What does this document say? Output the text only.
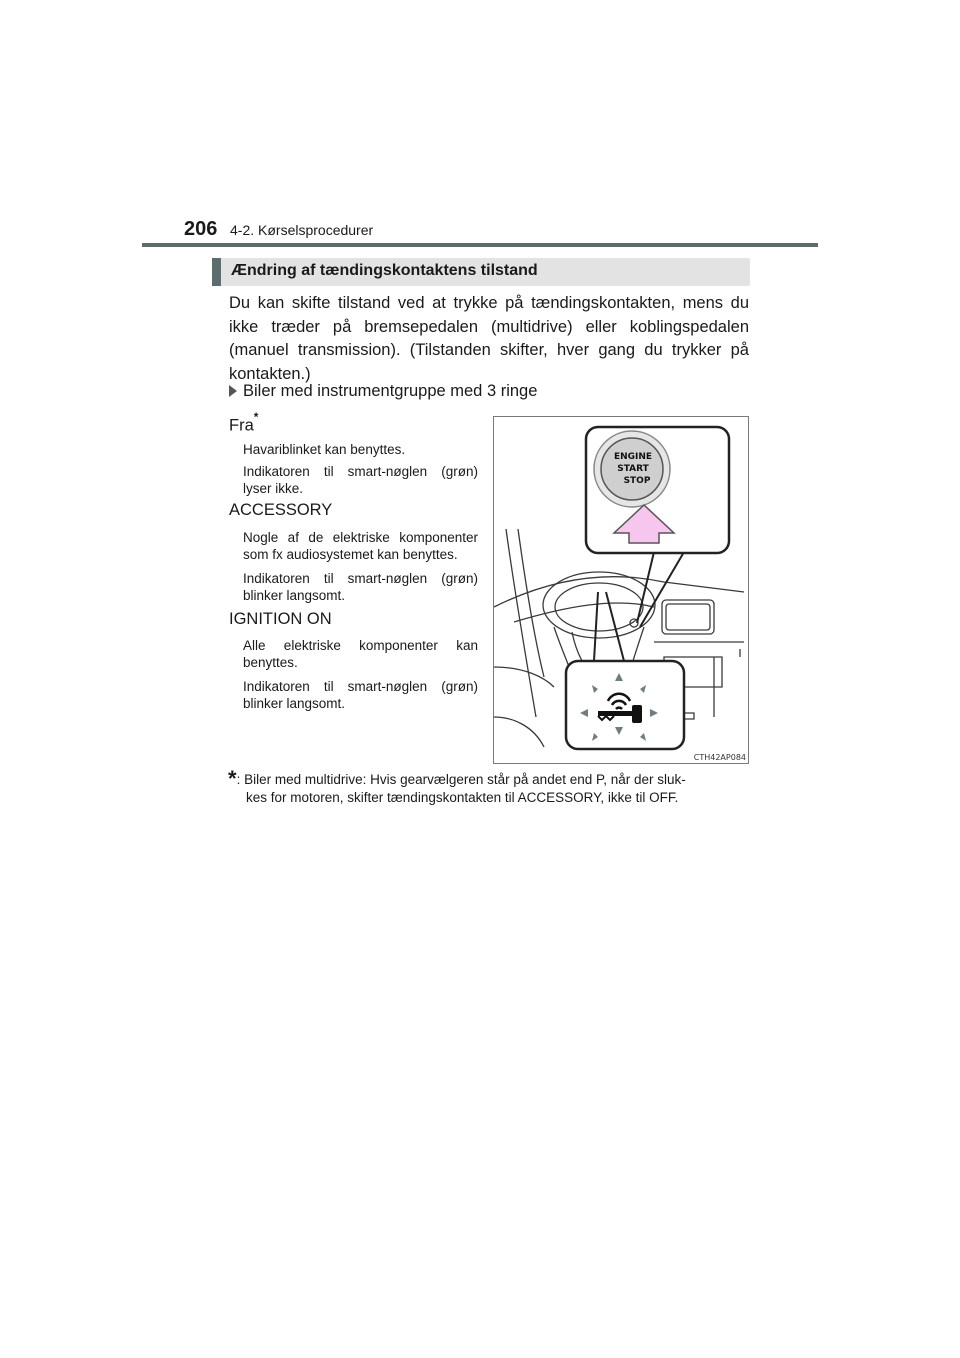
206 4-2. Kørselsprocedurer
Ændring af tændingskontaktens tilstand
Du kan skifte tilstand ved at trykke på tændingskontakten, mens du ikke træder på bremsepedalen (multidrive) eller koblingspedalen (manuel transmission). (Tilstanden skifter, hver gang du trykker på kontakten.)
Biler med instrumentgruppe med 3 ringe
Fra*
Havariblinket kan benyttes.
Indikatoren til smart-nøglen (grøn) lyser ikke.
ACCESSORY
Nogle af de elektriske komponenter som fx audiosystemet kan benyttes.
Indikatoren til smart-nøglen (grøn) blinker langsomt.
IGNITION ON
Alle elektriske komponenter kan benyttes.
Indikatoren til smart-nøglen (grøn) blinker langsomt.
ENGINE
START
STOP
CTH42AP084
*: Biler med multidrive: Hvis gearvælgeren står på andet end P, når der sluk-
kes for motoren, skifter tændingskontakten til ACCESSORY, ikke til OFF.
